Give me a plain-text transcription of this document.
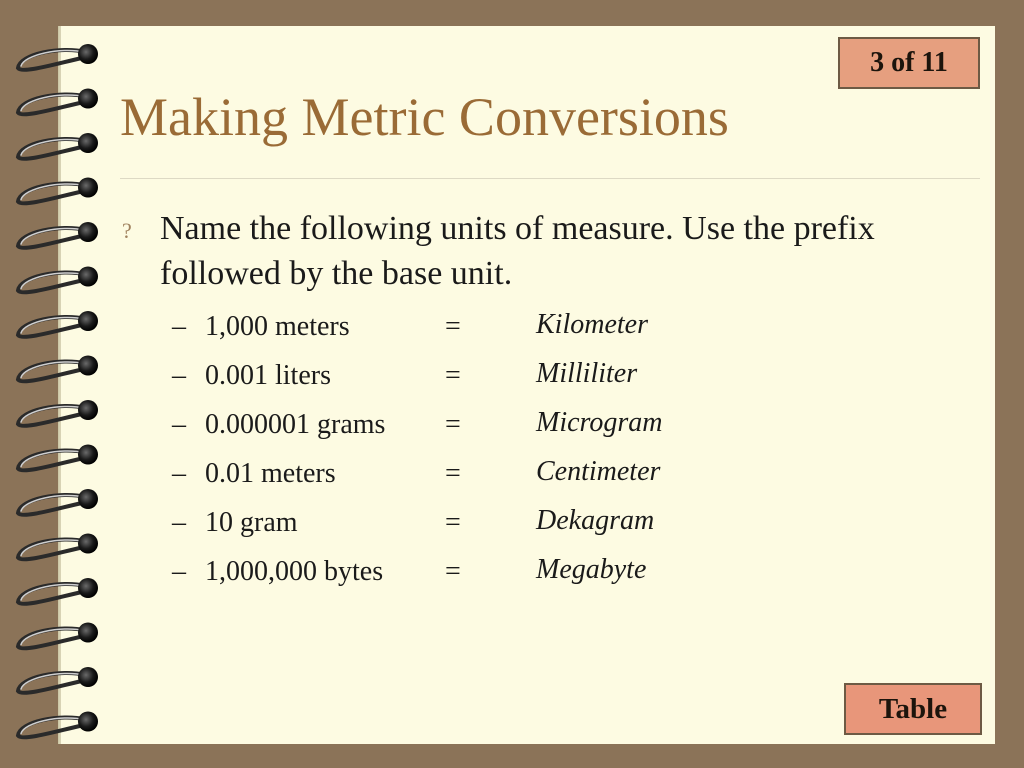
3 of 11
Making Metric Conversions
? Name the following units of measure. Use the prefix followed by the base unit.
– 1,000 meters	=	Kilometer
– 0.001 liters	=	Milliliter
– 0.000001 grams =	Microgram
– 0.01 meters	=	Centimeter
– 10 gram	=	Dekagram
– 1,000,000 bytes =	Megabyte
Table
